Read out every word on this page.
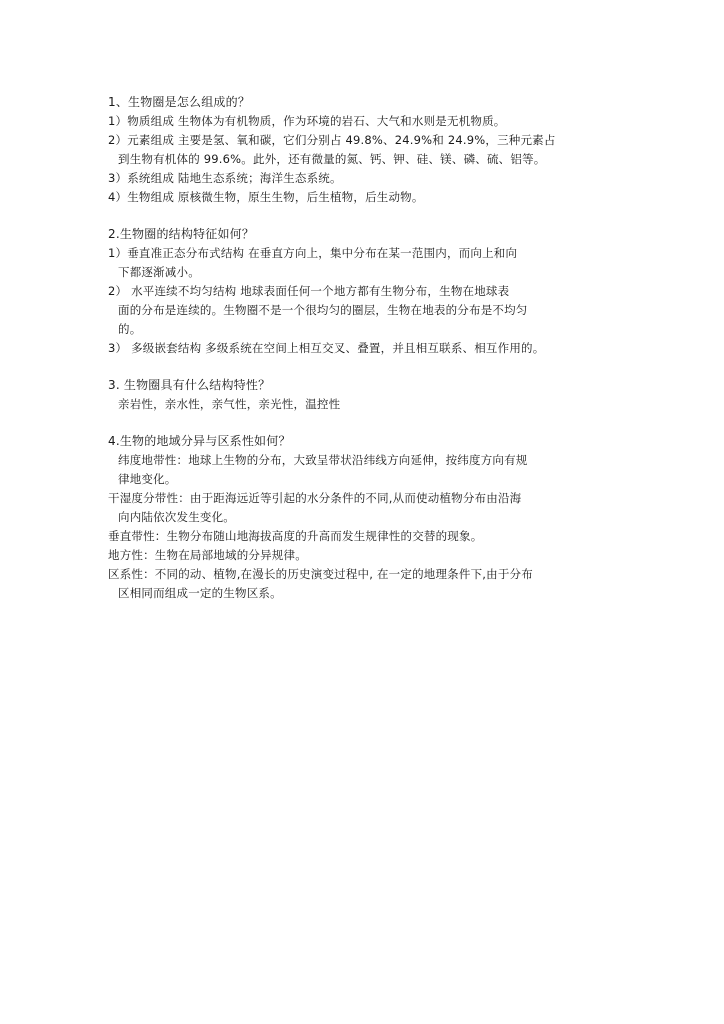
1、生物圈是怎么组成的？
1）物质组成 生物体为有机物质，作为环境的岩石、大气和水则是无机物质。
2）元素组成 主要是氢、氧和碳，它们分别占 49.8%、24.9%和 24.9%，三种元素占
到生物有机体的 99.6%。此外，还有微量的氮、钙、钾、硅、镁、磷、硫、铝等。
3）系统组成 陆地生态系统；海洋生态系统。
4）生物组成 原核微生物，原生生物，后生植物，后生动物。
2.生物圈的结构特征如何？
1）垂直准正态分布式结构 在垂直方向上，集中分布在某一范围内，而向上和向
下都逐渐减小。
2） 水平连续不均匀结构 地球表面任何一个地方都有生物分布，生物在地球表
面的分布是连续的。生物圈不是一个很均匀的圈层，生物在地表的分布是不均匀
的。
3） 多级嵌套结构 多级系统在空间上相互交叉、叠置，并且相互联系、相互作用的。
3. 生物圈具有什么结构特性？
亲岩性，亲水性，亲气性，亲光性，温控性
4.生物的地域分异与区系性如何？
纬度地带性：地球上生物的分布，大致呈带状沿纬线方向延伸，按纬度方向有规
律地变化。
干湿度分带性：由于距海远近等引起的水分条件的不同,从而使动植物分布由沿海
向内陆依次发生变化。
垂直带性：生物分布随山地海拔高度的升高而发生规律性的交替的现象。
地方性：生物在局部地域的分异规律。
区系性：不同的动、植物,在漫长的历史演变过程中, 在一定的地理条件下,由于分布
区相同而组成一定的生物区系。
